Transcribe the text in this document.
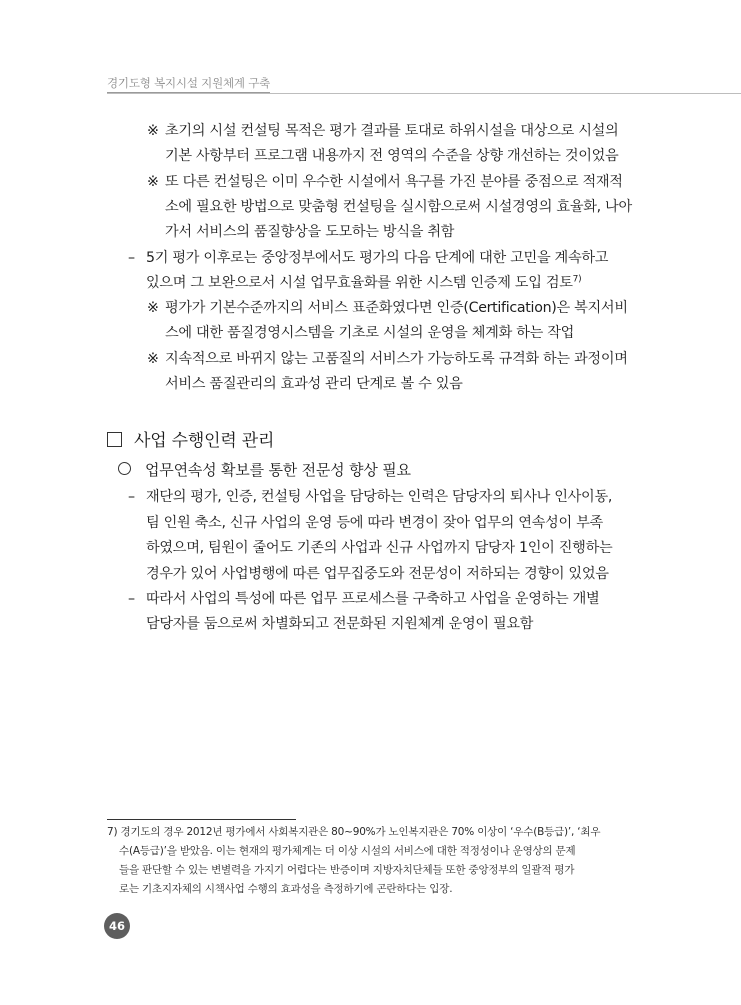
경기도형 복지시설 지원체계 구축
※ 초기의 시설 컨설팅 목적은 평가 결과를 토대로 하위시설을 대상으로 시설의
기본 사항부터 프로그램 내용까지 전 영역의 수준을 상향 개선하는 것이었음
※ 또 다른 컨설팅은 이미 우수한 시설에서 욕구를 가진 분야를 중점으로 적재적
소에 필요한 방법으로 맞춤형 컨설팅을 실시함으로써 시설경영의 효율화, 나아
가서 서비스의 품질향상을 도모하는 방식을 취함
– 5기 평가 이후로는 중앙정부에서도 평가의 다음 단계에 대한 고민을 계속하고
있으며 그 보완으로서 시설 업무효율화를 위한 시스템 인증제 도입 검토$^{7)}$
※ 평가가 기본수준까지의 서비스 표준화였다면 인증(Certification)은 복지서비
스에 대한 품질경영시스템을 기초로 시설의 운영을 체계화 하는 작업
※ 지속적으로 바뀌지 않는 고품질의 서비스가 가능하도록 규격화 하는 과정이며
서비스 품질관리의 효과성 관리 단계로 볼 수 있음
사업 수행인력 관리
업무연속성 확보를 통한 전문성 향상 필요
– 재단의 평가, 인증, 컨설팅 사업을 담당하는 인력은 담당자의 퇴사나 인사이동,
팀 인원 축소, 신규 사업의 운영 등에 따라 변경이 잦아 업무의 연속성이 부족
하였으며, 팀원이 줄어도 기존의 사업과 신규 사업까지 담당자 1인이 진행하는
경우가 있어 사업병행에 따른 업무집중도와 전문성이 저하되는 경향이 있었음
– 따라서 사업의 특성에 따른 업무 프로세스를 구축하고 사업을 운영하는 개별
담당자를 둠으로써 차별화되고 전문화된 지원체계 운영이 필요함
7) 경기도의 경우 2012년 평가에서 사회복지관은 80~90%가 노인복지관은 70% 이상이 ‘우수(B등급)’, ‘최우
수(A등급)’을 받았음. 이는 현재의 평가체계는 더 이상 시설의 서비스에 대한 적정성이나 운영상의 문제
들을 판단할 수 있는 변별력을 가지기 어렵다는 반증이며 지방자치단체들 또한 중앙정부의 일괄적 평가
로는 기초지자체의 시책사업 수행의 효과성을 측정하기에 곤란하다는 입장.
46
